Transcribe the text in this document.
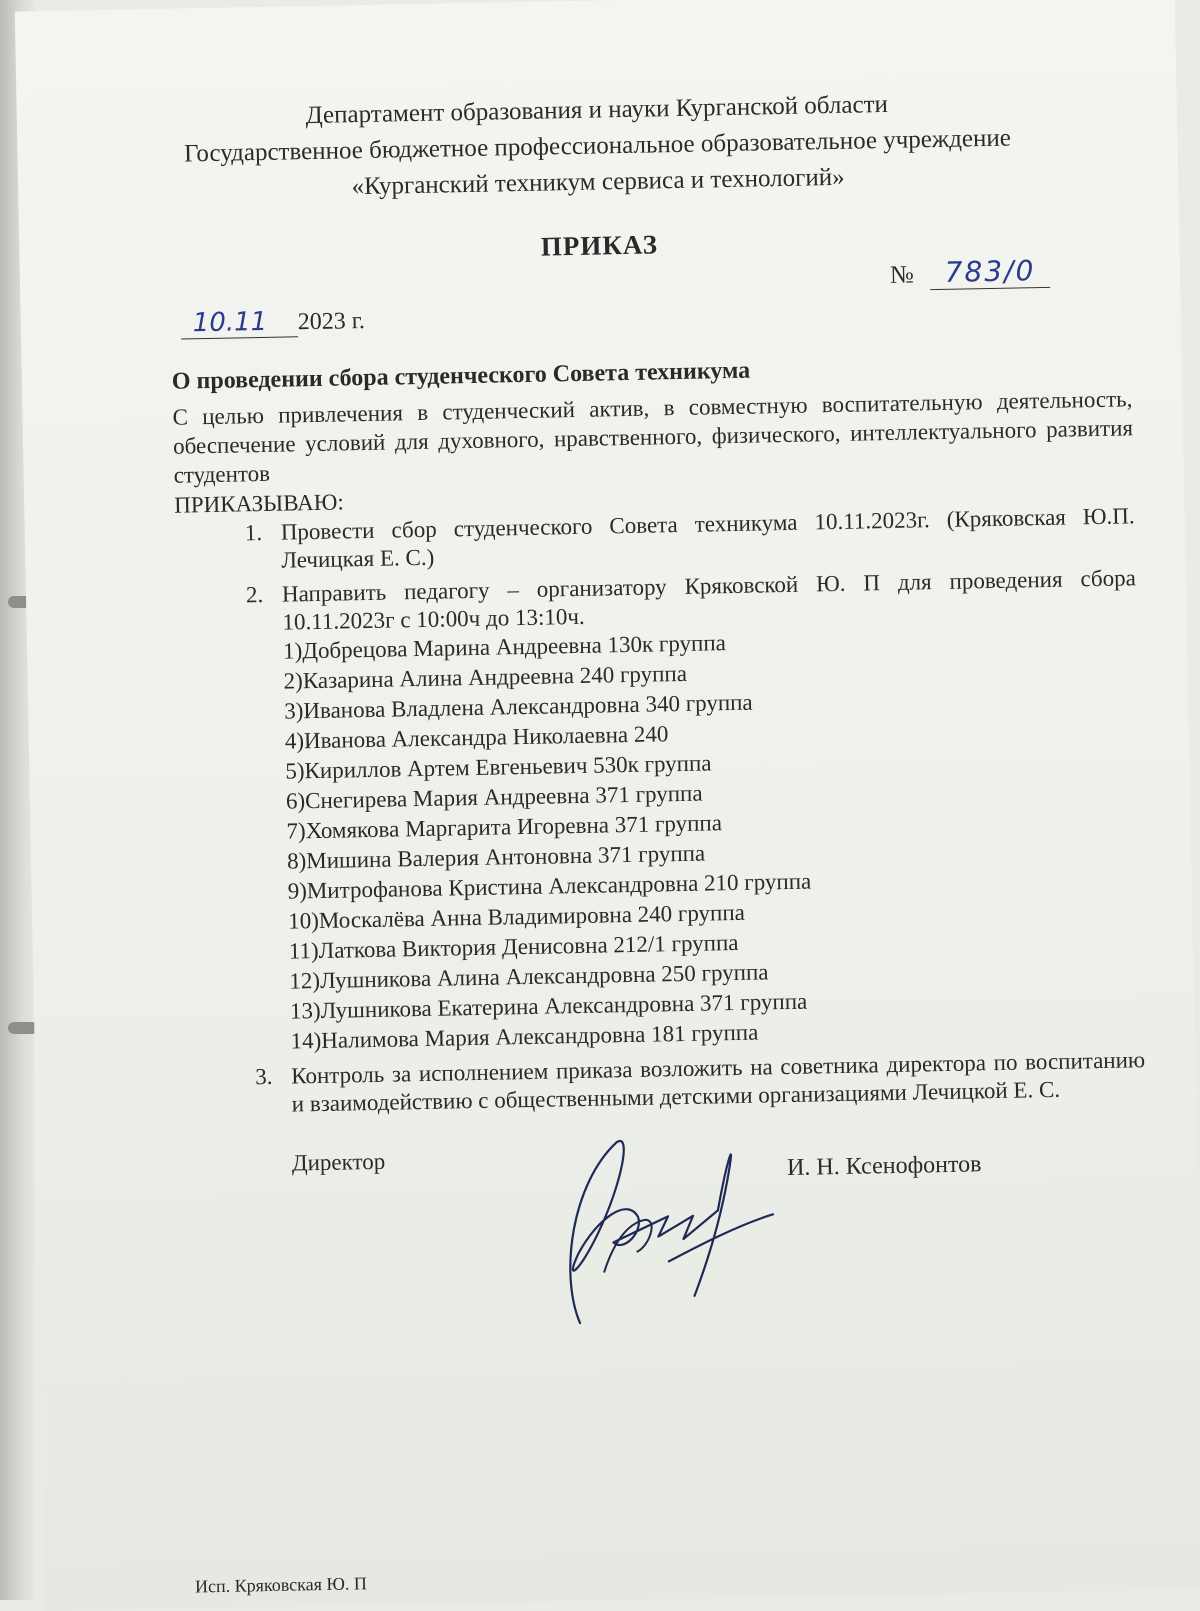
Департамент образования и науки Курганской области
Государственное бюджетное профессиональное образовательное учреждение
«Курганский техникум сервиса и технологий»
ПРИКАЗ
№ 783/0
10.11 2023 г.
О проведении сбора студенческого Совета техникума
С целью привлечения в студенческий актив, в совместную воспитательную деятельность, обеспечение условий для духовного, нравственного, физического, интеллектуального развития студентов
ПРИКАЗЫВАЮ:
1. Провести сбор студенческого Совета техникума 10.11.2023г. (Кряковская Ю.П. Лечицкая Е. С.)
2. Направить педагогу – организатору Кряковской Ю. П для проведения сбора 10.11.2023г с 10:00ч до 13:10ч.
1)Добрецова Марина Андреевна 130к группа
2)Казарина Алина Андреевна 240 группа
3)Иванова Владлена Александровна 340 группа
4)Иванова Александра Николаевна 240
5)Кириллов Артем Евгеньевич 530к группа
6)Снегирева Мария Андреевна 371 группа
7)Хомякова Маргарита Игоревна 371 группа
8)Мишина Валерия Антоновна 371 группа
9)Митрофанова Кристина Александровна 210 группа
10)Москалёва Анна Владимировна 240 группа
11)Латкова Виктория Денисовна 212/1 группа
12)Лушникова Алина Александровна 250 группа
13)Лушникова Екатерина Александровна 371 группа
14)Налимова Мария Александровна 181 группа
3. Контроль за исполнением приказа возложить на советника директора по воспитанию и взаимодействию с общественными детскими организациями Лечицкой Е. С.
Директор	И. Н. Ксенофонтов
Исп. Кряковская Ю. П
